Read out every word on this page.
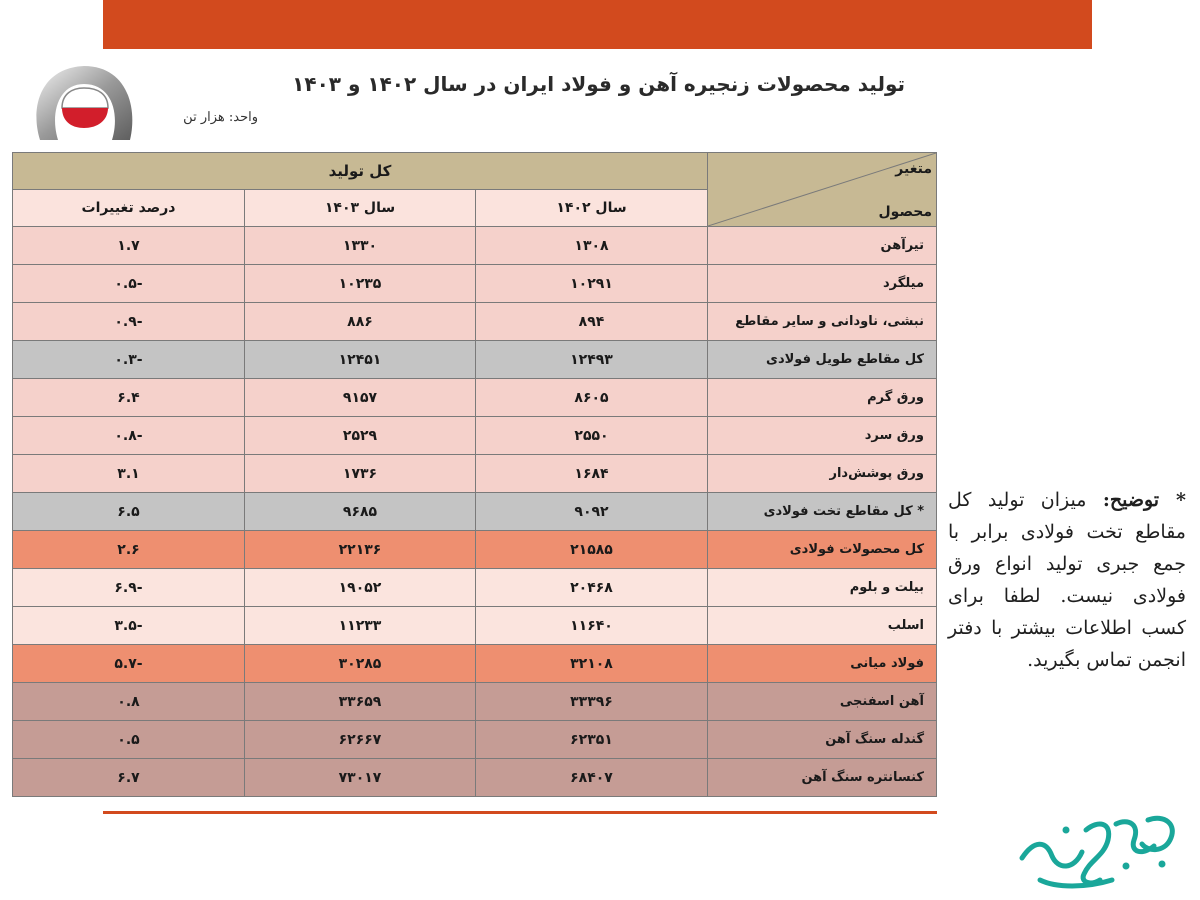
تولید محصولات زنجیره آهن و فولاد ایران در سال ۱۴۰۲ و ۱۴۰۳
واحد: هزار تن
کل تولید			متغیر
محصول

درصد تغییرات	سال ۱۴۰۳	سال ۱۴۰۲	
۱.۷	۱۳۳۰	۱۳۰۸	تیرآهن
-۰.۵	۱۰۲۳۵	۱۰۲۹۱	میلگرد
-۰.۹	۸۸۶	۸۹۴	نبشی، ناودانی و سایر مقاطع
-۰.۳	۱۲۴۵۱	۱۲۴۹۳	کل مقاطع طویل فولادی
۶.۴	۹۱۵۷	۸۶۰۵	ورق گرم
-۰.۸	۲۵۲۹	۲۵۵۰	ورق سرد
۳.۱	۱۷۳۶	۱۶۸۴	ورق پوشش‌دار
۶.۵	۹۶۸۵	۹۰۹۲	* کل مقاطع تخت فولادی
۲.۶	۲۲۱۳۶	۲۱۵۸۵	کل محصولات فولادی
-۶.۹	۱۹۰۵۲	۲۰۴۶۸	بیلت و بلوم
-۳.۵	۱۱۲۳۳	۱۱۶۴۰	اسلب
-۵.۷	۳۰۲۸۵	۳۲۱۰۸	فولاد میانی
۰.۸	۳۳۶۵۹	۳۳۳۹۶	آهن اسفنجی
۰.۵	۶۲۶۶۷	۶۲۳۵۱	گندله سنگ آهن
۶.۷	۷۳۰۱۷	۶۸۴۰۷	کنسانتره سنگ آهن
* توضیح: میزان تولید کل مقاطع تخت فولادی برابر با جمع جبری تولید انواع ورق فولادی نیست. لطفا برای کسب اطلاعات بیشتر با دفتر انجمن تماس بگیرید.
